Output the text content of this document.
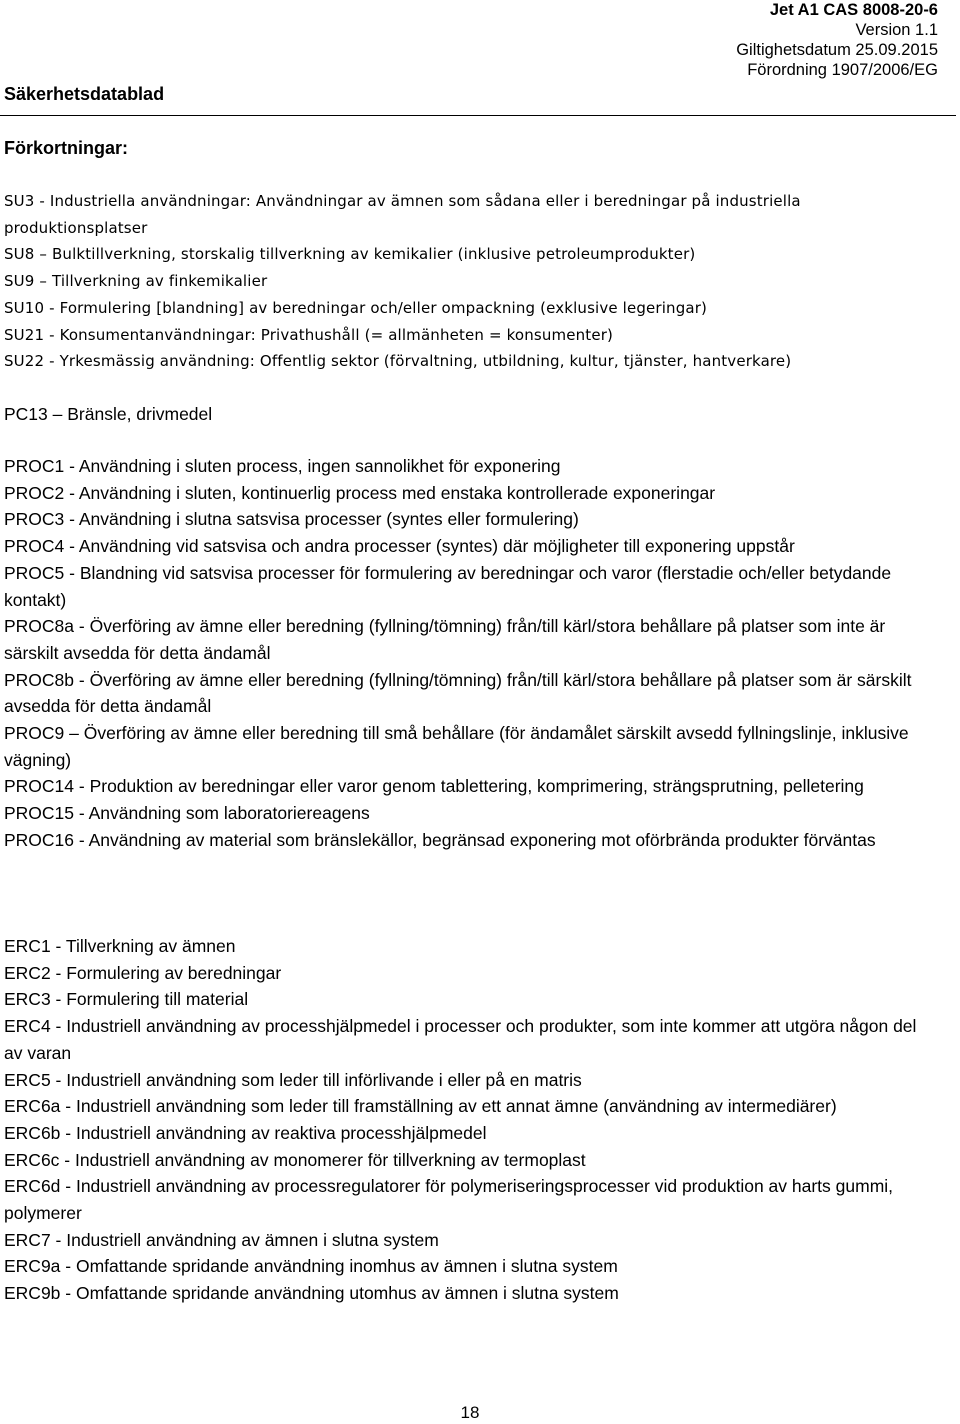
Jet A1 CAS 8008-20-6
Version 1.1
Giltighetsdatum 25.09.2015
Förordning 1907/2006/EG
Säkerhetsdatablad
Förkortningar:
SU3 - Industriella användningar: Användningar av ämnen som sådana eller i beredningar på industriella produktionsplatser
SU8 – Bulktillverkning, storskalig tillverkning av kemikalier (inklusive petroleumprodukter)
SU9 – Tillverkning av finkemikalier
SU10 - Formulering [blandning] av beredningar och/eller ompackning (exklusive legeringar)
SU21 - Konsumentanvändningar: Privathushåll (= allmänheten = konsumenter)
SU22 - Yrkesmässig användning: Offentlig sektor (förvaltning, utbildning, kultur, tjänster, hantverkare)
PC13 – Bränsle, drivmedel
PROC1 - Användning i sluten process, ingen sannolikhet för exponering
PROC2 - Användning i sluten, kontinuerlig process med enstaka kontrollerade exponeringar
PROC3 - Användning i slutna satsvisa processer (syntes eller formulering)
PROC4 - Användning vid satsvisa och andra processer (syntes) där möjligheter till exponering uppstår
PROC5 - Blandning vid satsvisa processer för formulering av beredningar och varor (flerstadie och/eller betydande kontakt)
PROC8a - Överföring av ämne eller beredning (fyllning/tömning) från/till kärl/stora behållare på platser som inte är särskilt avsedda för detta ändamål
PROC8b - Överföring av ämne eller beredning (fyllning/tömning) från/till kärl/stora behållare på platser som är särskilt avsedda för detta ändamål
PROC9 – Överföring av ämne eller beredning till små behållare (för ändamålet särskilt avsedd fyllningslinje, inklusive vägning)
PROC14 - Produktion av beredningar eller varor genom tablettering, komprimering, strängsprutning, pelletering
PROC15 - Användning som laboratoriereagens
PROC16 - Användning av material som bränslekällor, begränsad exponering mot oförbrända produkter förväntas
ERC1 - Tillverkning av ämnen
ERC2 - Formulering av beredningar
ERC3 - Formulering till material
ERC4 - Industriell användning av processhjälpmedel i processer och produkter, som inte kommer att utgöra någon del av varan
ERC5 - Industriell användning som leder till införlivande i eller på en matris
ERC6a - Industriell användning som leder till framställning av ett annat ämne (användning av intermediärer)
ERC6b - Industriell användning av reaktiva processhjälpmedel
ERC6c - Industriell användning av monomerer för tillverkning av termoplast
ERC6d - Industriell användning av processregulatorer för polymeriseringsprocesser vid produktion av harts gummi, polymerer
ERC7 - Industriell användning av ämnen i slutna system
ERC9a - Omfattande spridande användning inomhus av ämnen i slutna system
ERC9b - Omfattande spridande användning utomhus av ämnen i slutna system
18
